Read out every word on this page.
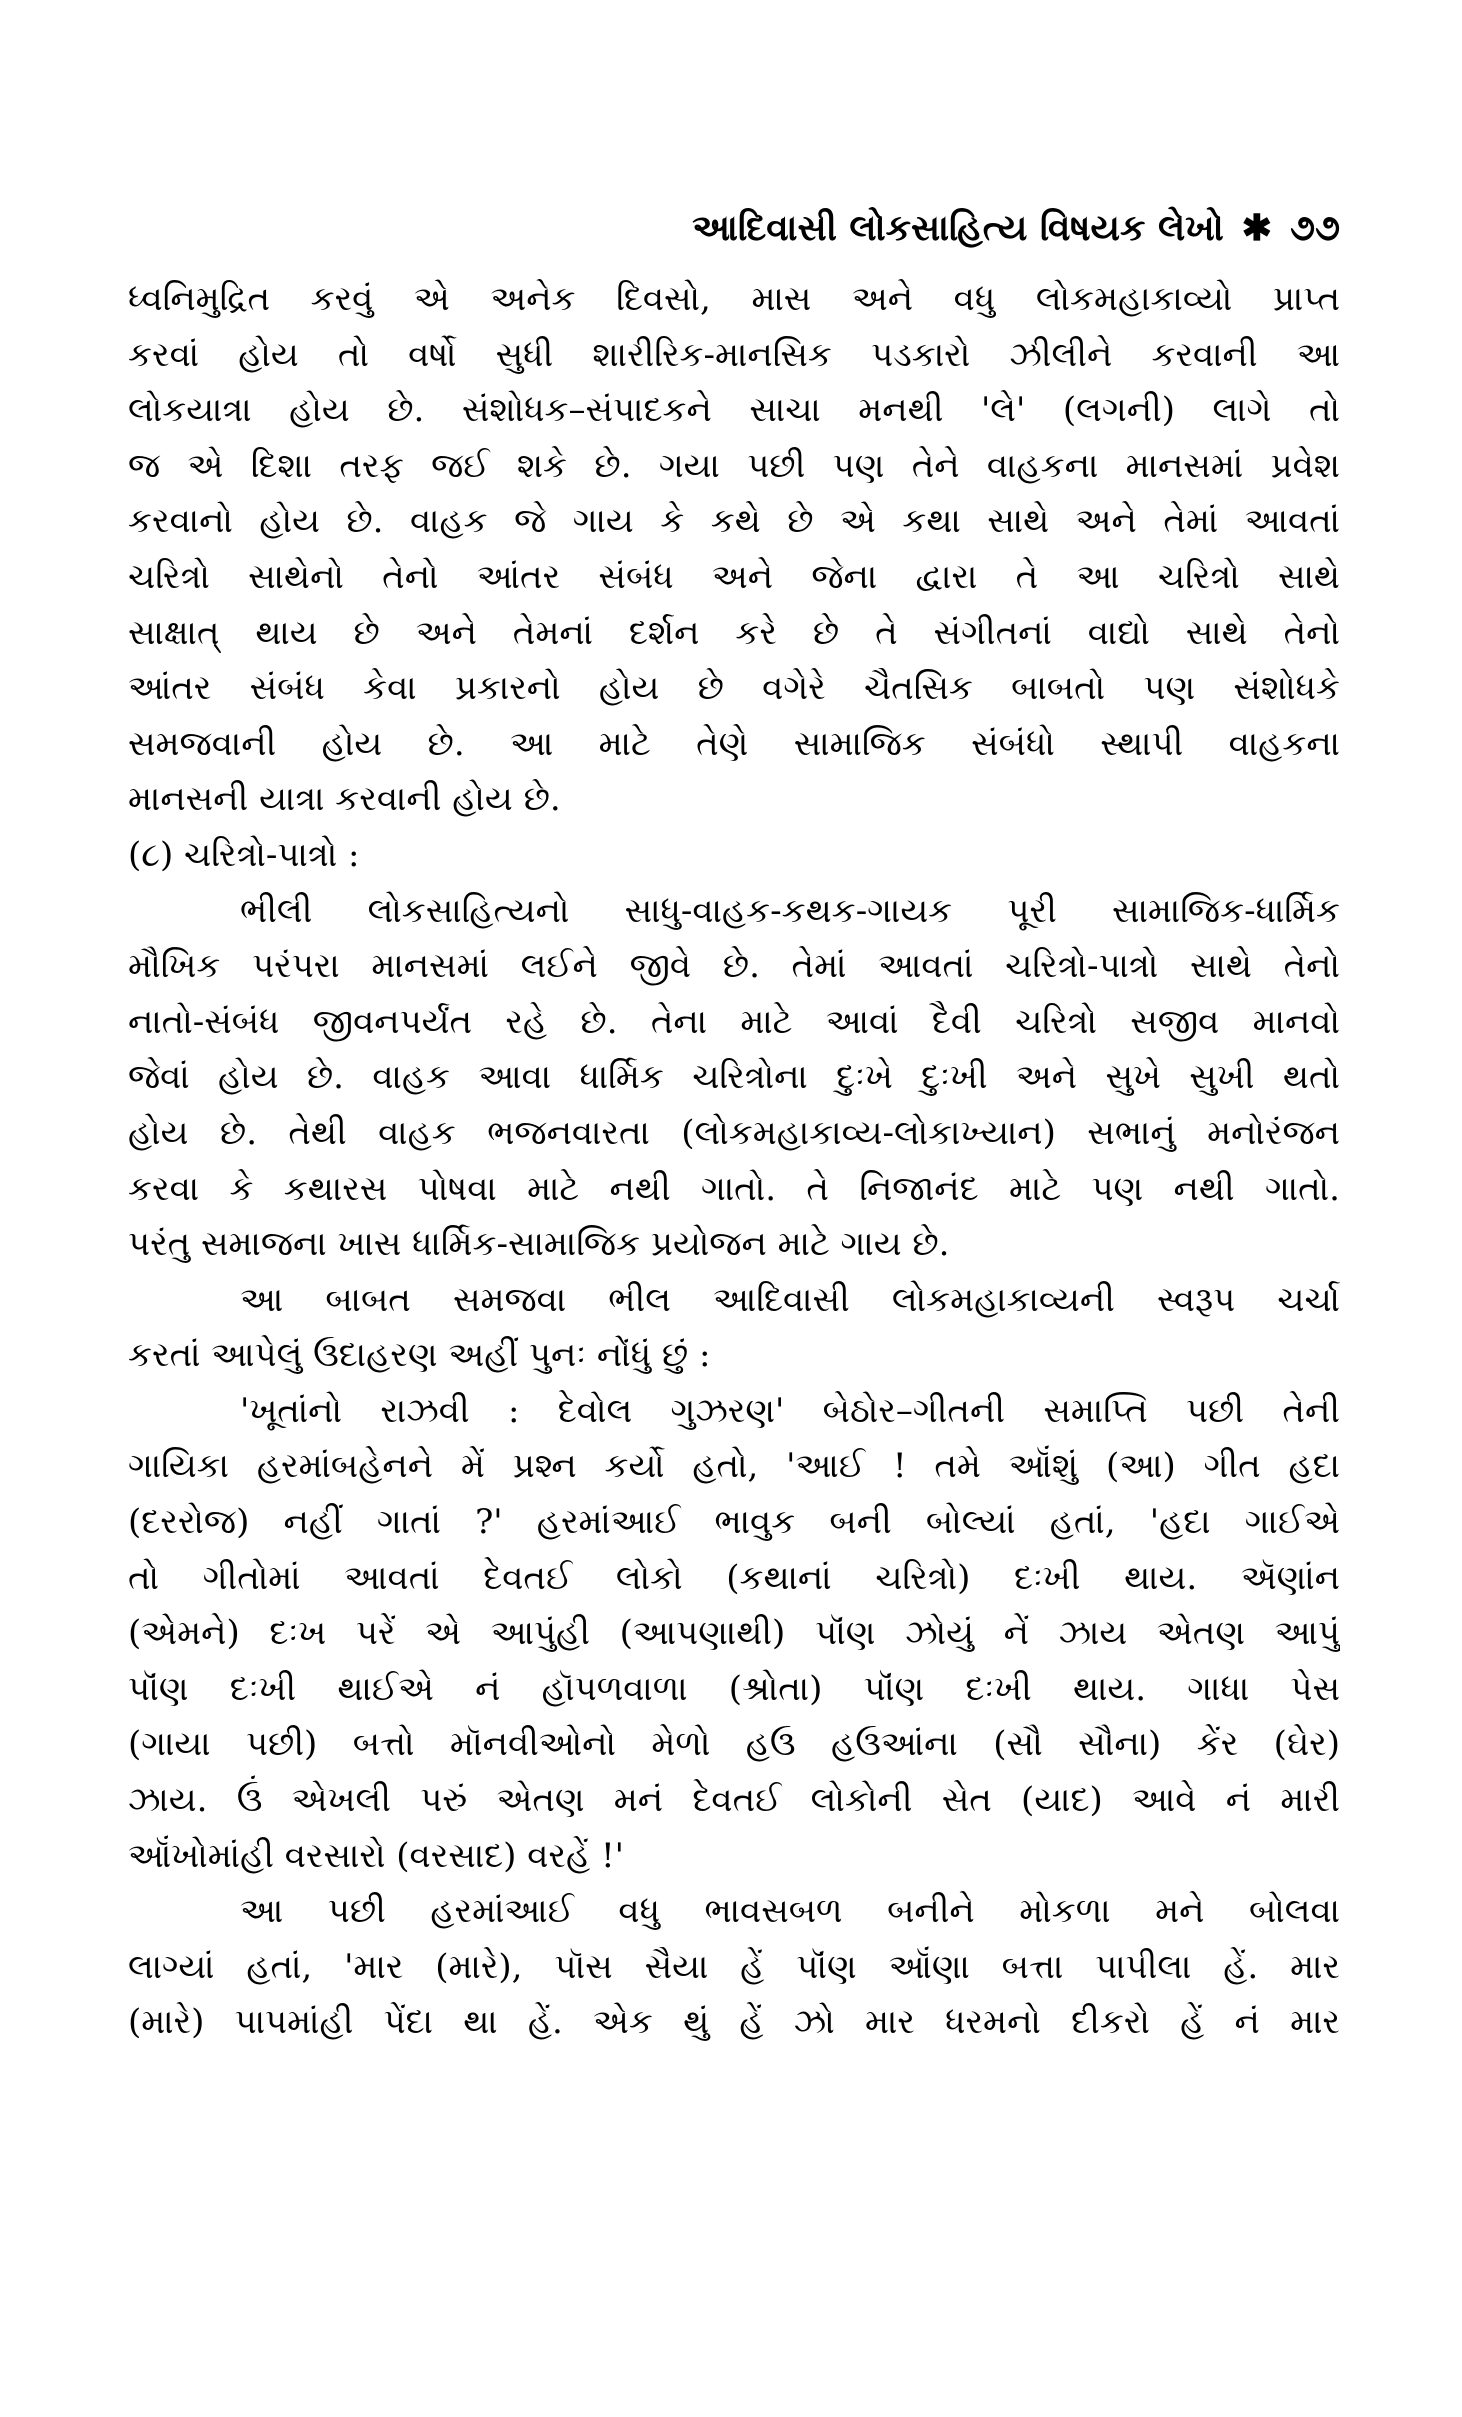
આદિવાસી લોકસાહિત્ય વિષયક લેખો ✱ ૭૭
ધ્વનિમુદ્રિત કરવું એ અનેક દિવસો, માસ અને વધુ લોકમહાકાવ્યો પ્રાપ્ત
કરવાં હોય તો વર્ષો સુધી શારીરિક-માનસિક પડકારો ઝીલીને કરવાની આ
લોકયાત્રા હોય છે. સંશોધક–સંપાદકને સાચા મનથી 'લે' (લગની) લાગે તો
જ એ દિશા તરફ જઈ શકે છે. ગયા પછી પણ તેને વાહકના માનસમાં પ્રવેશ
કરવાનો હોય છે. વાહક જે ગાય કે કથે છે એ કથા સાથે અને તેમાં આવતાં
ચરિત્રો સાથેનો તેનો આંતર સંબંધ અને જેના દ્વારા તે આ ચરિત્રો સાથે
સાક્ષાત્ થાય છે અને તેમનાં દર્શન કરે છે તે સંગીતનાં વાદ્યો સાથે તેનો
આંતર સંબંધ કેવા પ્રકારનો હોય છે વગેરે ચૈતસિક બાબતો પણ સંશોધકે
સમજવાની હોય છે. આ માટે તેણે સામાજિક સંબંધો સ્થાપી વાહકના
માનસની યાત્રા કરવાની હોય છે.
(૮) ચરિત્રો-પાત્રો :
ભીલી લોકસાહિત્યનો સાધુ-વાહક-કથક-ગાયક પૂરી સામાજિક-ધાર્મિક
મૌખિક પરંપરા માનસમાં લઈને જીવે છે. તેમાં આવતાં ચરિત્રો-પાત્રો સાથે તેનો
નાતો-સંબંધ જીવનપર્યંત રહે છે. તેના માટે આવાં દૈવી ચરિત્રો સજીવ માનવો
જેવાં હોય છે. વાહક આવા ધાર્મિક ચરિત્રોના દુઃખે દુઃખી અને સુખે સુખી થતો
હોય છે. તેથી વાહક ભજનવારતા (લોકમહાકાવ્ય-લોકાખ્યાન) સભાનું મનોરંજન
કરવા કે કથારસ પોષવા માટે નથી ગાતો. તે નિજાનંદ માટે પણ નથી ગાતો.
પરંતુ સમાજના ખાસ ધાર્મિક-સામાજિક પ્રયોજન માટે ગાય છે.
આ બાબત સમજવા ભીલ આદિવાસી લોકમહાકાવ્યની સ્વરૂપ ચર્ચા
કરતાં આપેલું ઉદાહરણ અહીં પુનઃ નોંધું છું :
'ખૂતાંનો રાઝવી : દેવોલ ગુઝરણ' બેઠોર–ગીતની સમાપ્તિ પછી તેની
ગાયિકા હરમાંબહેનને મેં પ્રશ્ન કર્યો હતો, 'આઈ ! તમે ઑંશું (આ) ગીત હદા
(દરરોજ) નહીં ગાતાં ?' હરમાંઆઈ ભાવુક બની બોલ્યાં હતાં, 'હદા ગાઈએ
તો ગીતોમાં આવતાં દેવતઈ લોકો (કથાનાં ચરિત્રો) દઃખી થાય. ઍણાંન
(એમને) દઃખ પરેં એ આપુંહી (આપણાથી) પૉંણ ઝોયું નેં ઝાય એતણ આપું
પૉંણ દઃખી થાઈએ નં હૉપળવાળા (શ્રોતા) પૉંણ દઃખી થાય. ગાધા પેસ
(ગાયા પછી) બત્તો મૉનવીઓનો મેળો હઉ હઉઆંના (સૌ સૌના) કેંર (ઘેર)
ઝાય. ઉં એખલી પરું એતણ મનં દેવતઈ લોકોની સેત (યાદ) આવે નં મારી
ઑંખોમાંહી વરસારો (વરસાદ) વરહેં !'
આ પછી હરમાંઆઈ વધુ ભાવસબળ બનીને મોકળા મને બોલવા
લાગ્યાં હતાં, 'માર (મારે), પૉસ સૈયા હેં પૉંણ ઑંણા બત્તા પાપીલા હેં. માર
(મારે) પાપમાંહી પેંદા થા હેં. એક થું હેં ઝો માર ધરમનો દીકરો હેં નં માર
